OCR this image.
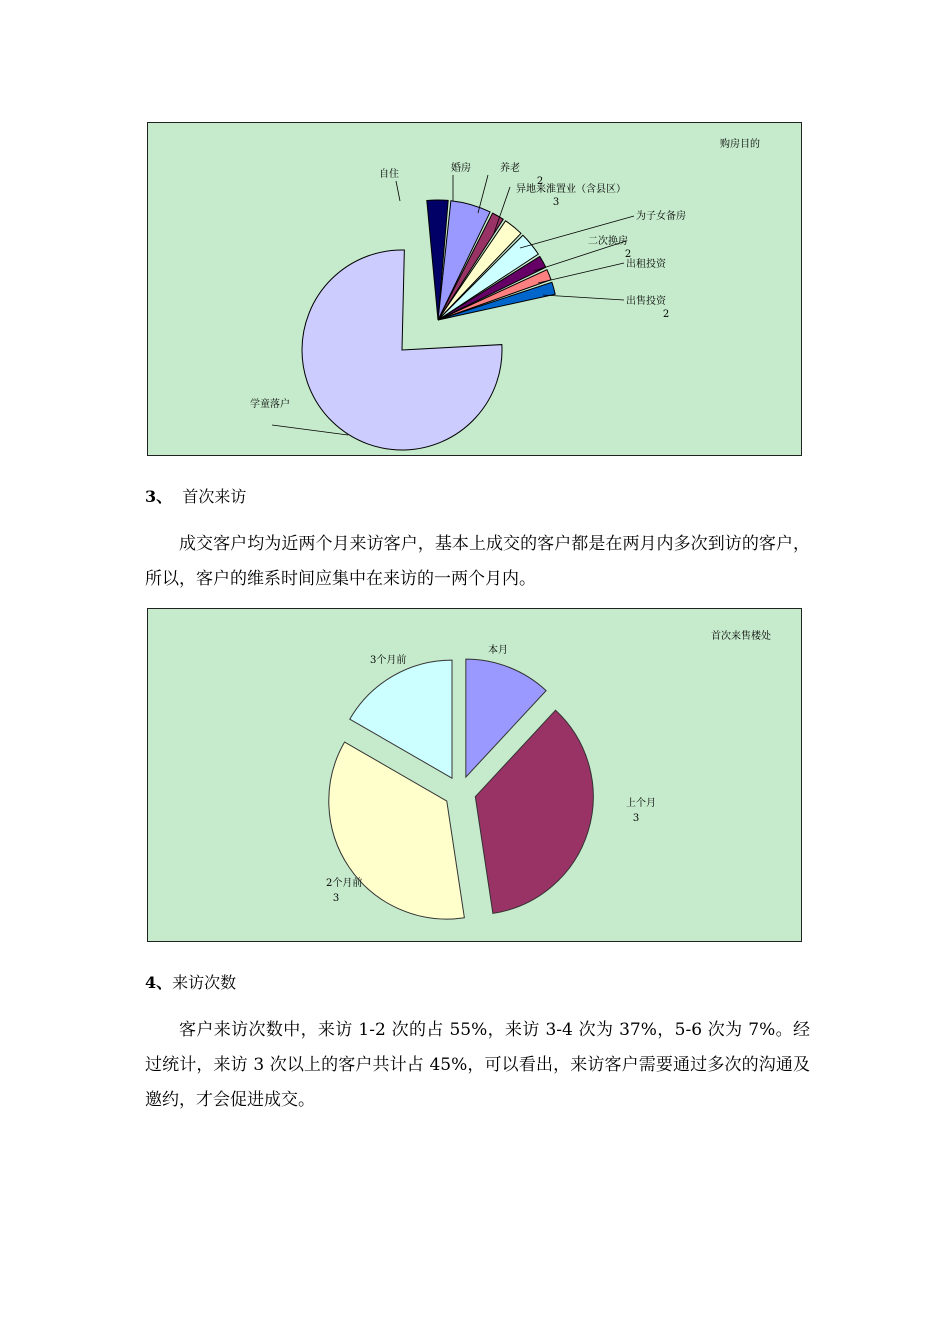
购房目的
自住
婚房	养老
2
异地来淮置业（含县区）
3
为子女备房
二次换房
2
出租投资
出售投资
2
学童落户
3、 首次来访

成交客户均为近两个月来访客户，基本上成交的客户都是在两月内多次到访的客户，所以，客户的维系时间应集中在来访的一两个月内。

首次来售楼处
本月
上个月
3
2个月前
3
3个月前
4、来访次数

客户来访次数中，来访 1-2 次的占 55%，来访 3-4 次为 37%，5-6 次为 7%。经过统计，来访 3 次以上的客户共计占 45%，可以看出，来访客户需要通过多次的沟通及邀约，才会促进成交。
